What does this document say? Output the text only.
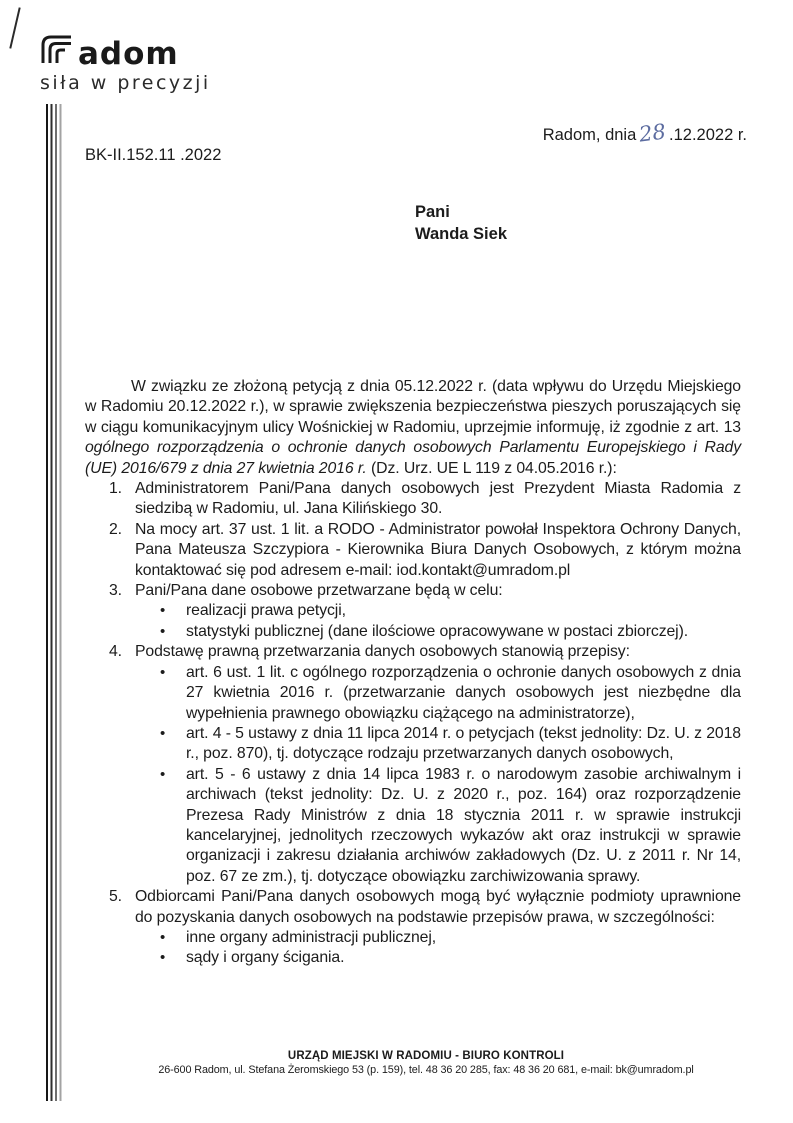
adom
siła w precyzji
Radom, dnia28.12.2022 r.
BK-II.152.11 .2022
Pani
Wanda Siek

W związku ze złożoną petycją z dnia 05.12.2022 r. (data wpływu do Urzędu Miejskiego w Radomiu 20.12.2022 r.), w sprawie zwiększenia bezpieczeństwa pieszych poruszających się w ciągu komunikacyjnym ulicy Wośnickiej w Radomiu, uprzejmie informuję, iż zgodnie z art. 13 ogólnego rozporządzenia o ochronie danych osobowych Parlamentu Europejskiego i Rady (UE) 2016/679 z dnia 27 kwietnia 2016 r. (Dz. Urz. UE L 119 z 04.05.2016 r.):

1. Administratorem Pani/Pana danych osobowych jest Prezydent Miasta Radomia z siedzibą w Radomiu, ul. Jana Kilińskiego 30.
2. Na mocy art. 37 ust. 1 lit. a RODO - Administrator powołał Inspektora Ochrony Danych, Pana Mateusza Szczypiora - Kierownika Biura Danych Osobowych, z którym można kontaktować się pod adresem e-mail: iod.kontakt@umradom.pl
3. Pani/Pana dane osobowe przetwarzane będą w celu:
•
realizacji prawa petycji,
•
statystyki publicznej (dane ilościowe opracowywane w postaci zbiorczej).
4. Podstawę prawną przetwarzania danych osobowych stanowią przepisy:
•
art. 6 ust. 1 lit. c ogólnego rozporządzenia o ochronie danych osobowych z dnia 27 kwietnia 2016 r. (przetwarzanie danych osobowych jest niezbędne dla wypełnienia prawnego obowiązku ciążącego na administratorze),
•
art. 4 - 5 ustawy z dnia 11 lipca 2014 r. o petycjach (tekst jednolity: Dz. U. z 2018 r., poz. 870), tj. dotyczące rodzaju przetwarzanych danych osobowych,
•
art. 5 - 6 ustawy z dnia 14 lipca 1983 r. o narodowym zasobie archiwalnym i archiwach (tekst jednolity: Dz. U. z 2020 r., poz. 164) oraz rozporządzenie Prezesa Rady Ministrów z dnia 18 stycznia 2011 r. w sprawie instrukcji kancelaryjnej, jednolitych rzeczowych wykazów akt oraz instrukcji w sprawie organizacji i zakresu działania archiwów zakładowych (Dz. U. z 2011 r. Nr 14, poz. 67 ze zm.), tj. dotyczące obowiązku zarchiwizowania sprawy.
5. Odbiorcami Pani/Pana danych osobowych mogą być wyłącznie podmioty uprawnione do pozyskania danych osobowych na podstawie przepisów prawa, w szczególności:
•
inne organy administracji publicznej,
•
sądy i organy ścigania.
URZĄD MIEJSKI W RADOMIU - BIURO KONTROLI
26-600 Radom, ul. Stefana Żeromskiego 53 (p. 159), tel. 48 36 20 285, fax: 48 36 20 681, e-mail: bk@umradom.pl
